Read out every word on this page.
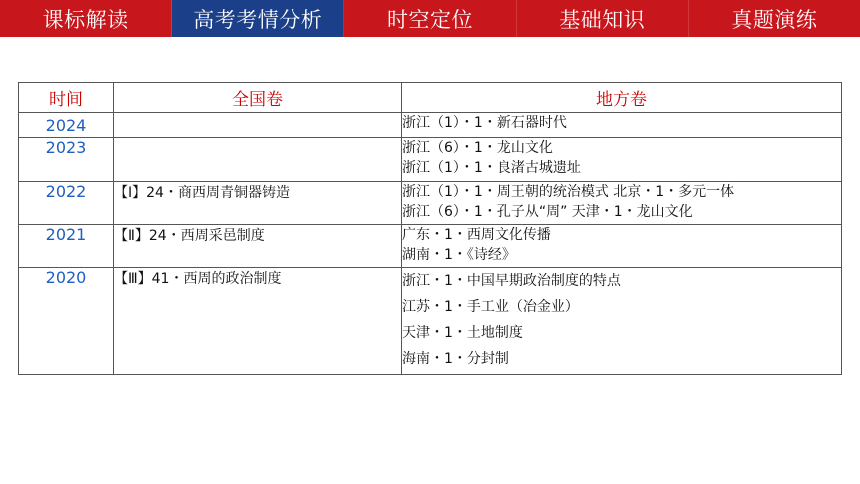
课标解读	高考考情分析	时空定位	基础知识	真题演练
时间	全国卷	地方卷
2024		浙江（1）・1・新石器时代

2023		浙江（6）・1・龙山文化
浙江（1）・1・良渚古城遗址

2022	【Ⅰ】24・商西周青铜器铸造	浙江（1）・1・周王朝的统治模式 北京・1・多元一体
浙江（6）・1・孔子从“周” 天津・1・龙山文化

2021	【Ⅱ】24・西周采邑制度	广东・1・西周文化传播
湖南・1・《诗经》

2020	【Ⅲ】41・西周的政治制度	浙江・1・中国早期政治制度的特点
江苏・1・手工业（冶金业）
天津・1・土地制度
海南・1・分封制
